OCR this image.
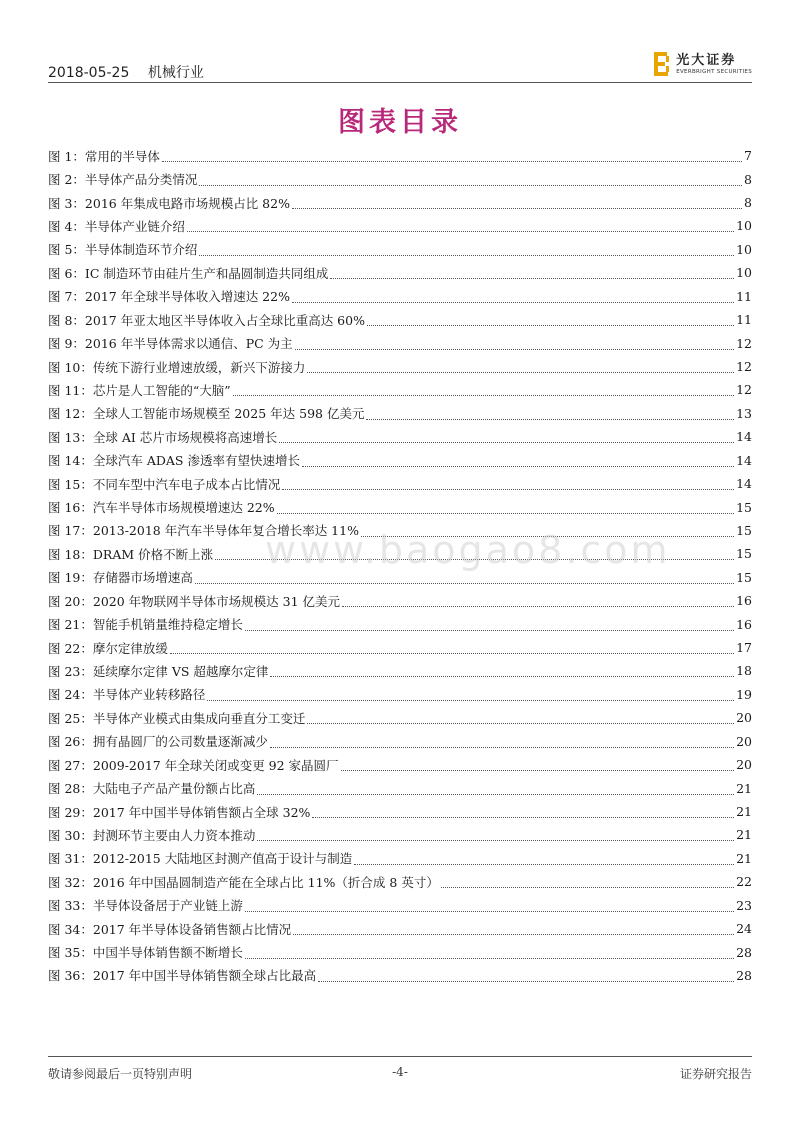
2018-05-25 机械行业
光大证券
EVERBRIGHT SECURITIES
图表目录
图 1：常用的半导体	7
图 2：半导体产品分类情况	8
图 3：2016 年集成电路市场规模占比 82%	8
图 4：半导体产业链介绍	10
图 5：半导体制造环节介绍	10
图 6：IC 制造环节由硅片生产和晶圆制造共同组成	10
图 7：2017 年全球半导体收入增速达 22%	11
图 8：2017 年亚太地区半导体收入占全球比重高达 60%	11
图 9：2016 年半导体需求以通信、PC 为主	12
图 10：传统下游行业增速放缓，新兴下游接力	12
图 11：芯片是人工智能的“大脑”	12
图 12：全球人工智能市场规模至 2025 年达 598 亿美元	13
图 13：全球 AI 芯片市场规模将高速增长	14
图 14：全球汽车 ADAS 渗透率有望快速增长	14
图 15：不同车型中汽车电子成本占比情况	14
图 16：汽车半导体市场规模增速达 22%	15
图 17：2013-2018 年汽车半导体年复合增长率达 11%	15
图 18：DRAM 价格不断上涨	15
图 19：存储器市场增速高	15
图 20：2020 年物联网半导体市场规模达 31 亿美元	16
图 21：智能手机销量维持稳定增长	16
图 22：摩尔定律放缓	17
图 23：延续摩尔定律 VS 超越摩尔定律	18
图 24：半导体产业转移路径	19
图 25：半导体产业模式由集成向垂直分工变迁	20
图 26：拥有晶圆厂的公司数量逐渐减少	20
图 27：2009-2017 年全球关闭或变更 92 家晶圆厂	20
图 28：大陆电子产品产量份额占比高	21
图 29：2017 年中国半导体销售额占全球 32%	21
图 30：封测环节主要由人力资本推动	21
图 31：2012-2015 大陆地区封测产值高于设计与制造	21
图 32：2016 年中国晶圆制造产能在全球占比 11%（折合成 8 英寸）	22
图 33：半导体设备居于产业链上游	23
图 34：2017 年半导体设备销售额占比情况	24
图 35：中国半导体销售额不断增长	28
图 36：2017 年中国半导体销售额全球占比最高	28
www.baogao8.com
敬请参阅最后一页特别声明	-4-	证券研究报告
